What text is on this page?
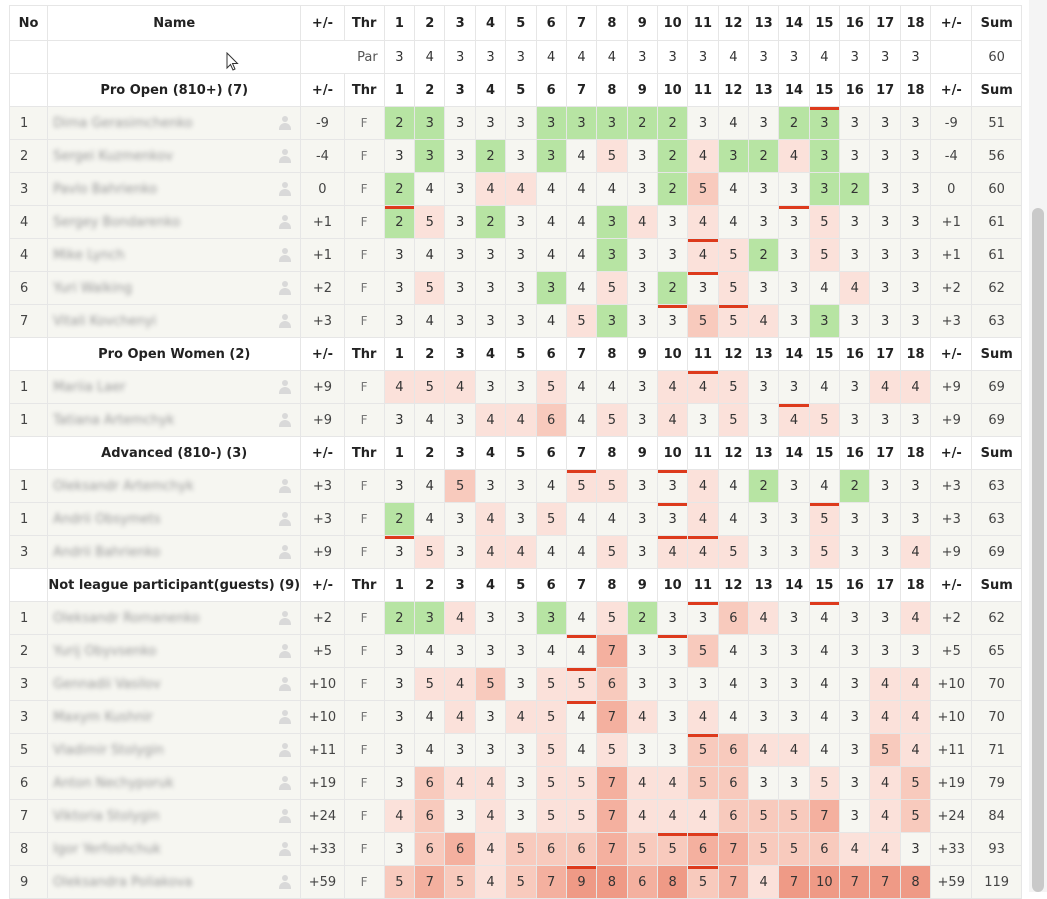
No	Name	+/-	Thr	1	2	3	4	5	6	7	8	9	10	11	12	13	14	15	16	17	18	+/-	Sum
		Par		3	4	3	3	3	4	4	4	3	3	3	4	3	3	4	3	3	3		60
	Pro Open (810+) (7)	+/-	Thr	1	2	3	4	5	6	7	8	9	10	11	12	13	14	15	16	17	18	+/-	Sum
1	Dima Gerasimchenko	-9	F	2	3	3	3	3	3	3	3	2	2	3	4	3	2	3	3	3	3	-9	51
2	Sergei Kuzmenkov	-4	F	3	3	3	2	3	3	4	5	3	2	4	3	2	4	3	3	3	3	-4	56
3	Pavlo Bahrienko	0	F	2	4	3	4	4	4	4	4	3	2	5	4	3	3	3	2	3	3	0	60
4	Sergey Bondarenko	+1	F	2	5	3	2	3	4	4	3	4	3	4	4	3	3	5	3	3	3	+1	61
4	Mike Lynch	+1	F	3	4	3	3	3	4	4	3	3	3	4	5	2	3	5	3	3	3	+1	61
6	Yuri Walking	+2	F	3	5	3	3	3	3	4	5	3	2	3	5	3	3	4	4	3	3	+2	62
7	Vitali Kovchenyi	+3	F	3	4	3	3	3	4	5	3	3	3	5	5	4	3	3	3	3	3	+3	63
	Pro Open Women (2)	+/-	Thr	1	2	3	4	5	6	7	8	9	10	11	12	13	14	15	16	17	18	+/-	Sum
1	Mariia Laer	+9	F	4	5	4	3	3	5	4	4	3	4	4	5	3	3	4	3	4	4	+9	69
1	Tatiana Artemchyk	+9	F	3	4	3	4	4	6	4	5	3	4	3	5	3	4	5	3	3	3	+9	69
	Advanced (810-) (3)	+/-	Thr	1	2	3	4	5	6	7	8	9	10	11	12	13	14	15	16	17	18	+/-	Sum
1	Oleksandr Artemchyk	+3	F	3	4	5	3	3	4	5	5	3	3	4	4	2	3	4	2	3	3	+3	63
1	Andrii Obsymets	+3	F	2	4	3	4	3	5	4	4	3	3	4	4	3	3	5	3	3	3	+3	63
3	Andrii Bahrienko	+9	F	3	5	3	4	4	4	4	5	3	4	4	5	3	3	5	3	3	4	+9	69
	Not league participant(guests) (9)	+/-	Thr	1	2	3	4	5	6	7	8	9	10	11	12	13	14	15	16	17	18	+/-	Sum
1	Oleksandr Romanenko	+2	F	2	3	4	3	3	3	4	5	2	3	3	6	4	3	4	3	3	4	+2	62
2	Yurij Obyvsenko	+5	F	3	4	3	3	3	4	4	7	3	3	5	4	3	3	4	3	3	3	+5	65
3	Gennadii Vasilov	+10	F	3	5	4	5	3	5	5	6	3	3	3	4	3	3	4	3	4	4	+10	70
3	Maxym Kushnir	+10	F	3	4	4	3	4	5	4	7	4	3	4	4	3	3	4	3	4	4	+10	70
5	Vladimir Stolygin	+11	F	3	4	3	3	3	5	4	5	3	3	5	6	4	4	4	3	5	4	+11	71
6	Anton Nechyporuk	+19	F	3	6	4	4	3	5	5	7	4	4	5	6	3	3	5	3	4	5	+19	79
7	Viktoria Stolygin	+24	F	4	6	3	4	3	5	5	7	4	4	4	6	5	5	7	3	4	5	+24	84
8	Igor Yerfoshchuk	+33	F	3	6	6	4	5	6	6	7	5	5	6	7	5	5	6	4	4	3	+33	93
9	Oleksandra Poliakova	+59	F	5	7	5	4	5	7	9	8	6	8	5	7	4	7	10	7	7	8	+59	119
